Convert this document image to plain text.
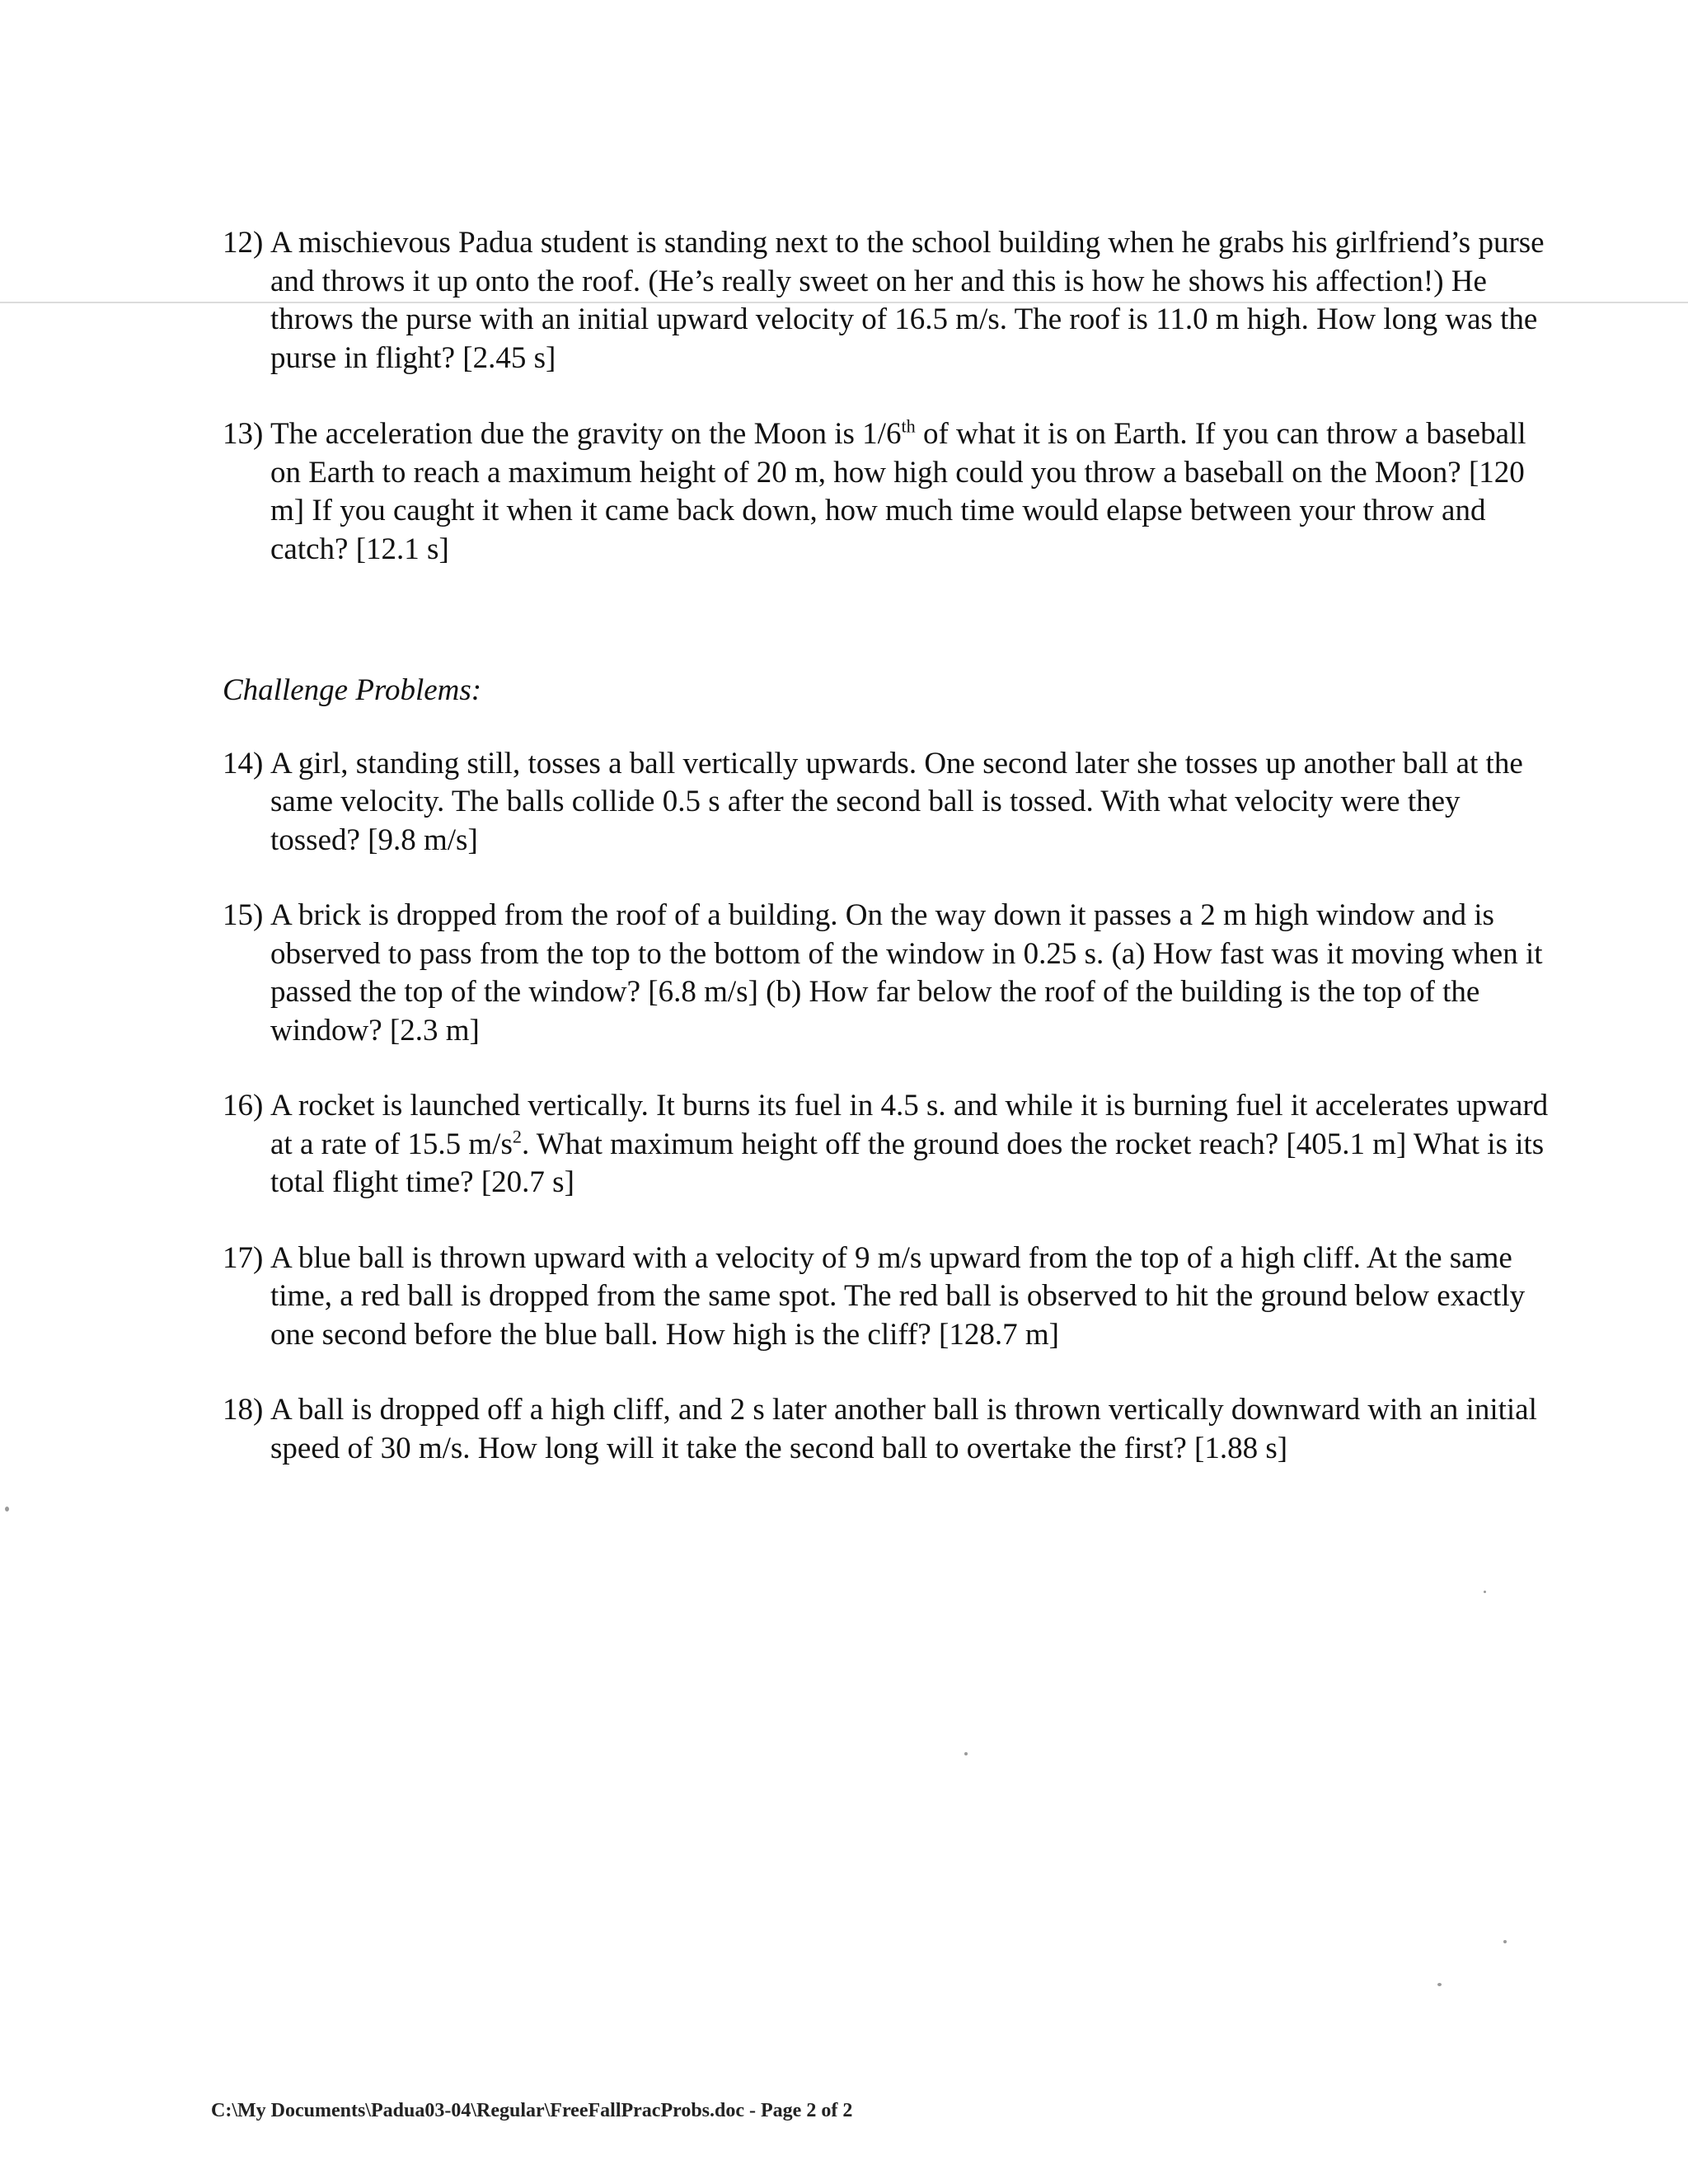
12) A mischievous Padua student is standing next to the school building when he grabs his girlfriend’s purse and throws it up onto the roof. (He’s really sweet on her and this is how he shows his affection!) He throws the purse with an initial upward velocity of 16.5 m/s. The roof is 11.0 m high. How long was the purse in flight? [2.45 s]
13) The acceleration due the gravity on the Moon is 1/6th of what it is on Earth. If you can throw a baseball on Earth to reach a maximum height of 20 m, how high could you throw a baseball on the Moon? [120 m] If you caught it when it came back down, how much time would elapse between your throw and catch? [12.1 s]
Challenge Problems:
14) A girl, standing still, tosses a ball vertically upwards. One second later she tosses up another ball at the same velocity. The balls collide 0.5 s after the second ball is tossed. With what velocity were they tossed? [9.8 m/s]
15) A brick is dropped from the roof of a building. On the way down it passes a 2 m high window and is observed to pass from the top to the bottom of the window in 0.25 s. (a) How fast was it moving when it passed the top of the window? [6.8 m/s] (b) How far below the roof of the building is the top of the window? [2.3 m]
16) A rocket is launched vertically. It burns its fuel in 4.5 s. and while it is burning fuel it accelerates upward at a rate of 15.5 $m/s^2$. What maximum height off the ground does the rocket reach? [405.1 m] What is its total flight time? [20.7 s]
17) A blue ball is thrown upward with a velocity of 9 m/s upward from the top of a high cliff. At the same time, a red ball is dropped from the same spot. The red ball is observed to hit the ground below exactly one second before the blue ball. How high is the cliff? [128.7 m]
18) A ball is dropped off a high cliff, and 2 s later another ball is thrown vertically downward with an initial speed of 30 m/s. How long will it take the second ball to overtake the first? [1.88 s]
C:\My Documents\Padua03-04\Regular\FreeFallPracProbs.doc - Page 2 of 2
